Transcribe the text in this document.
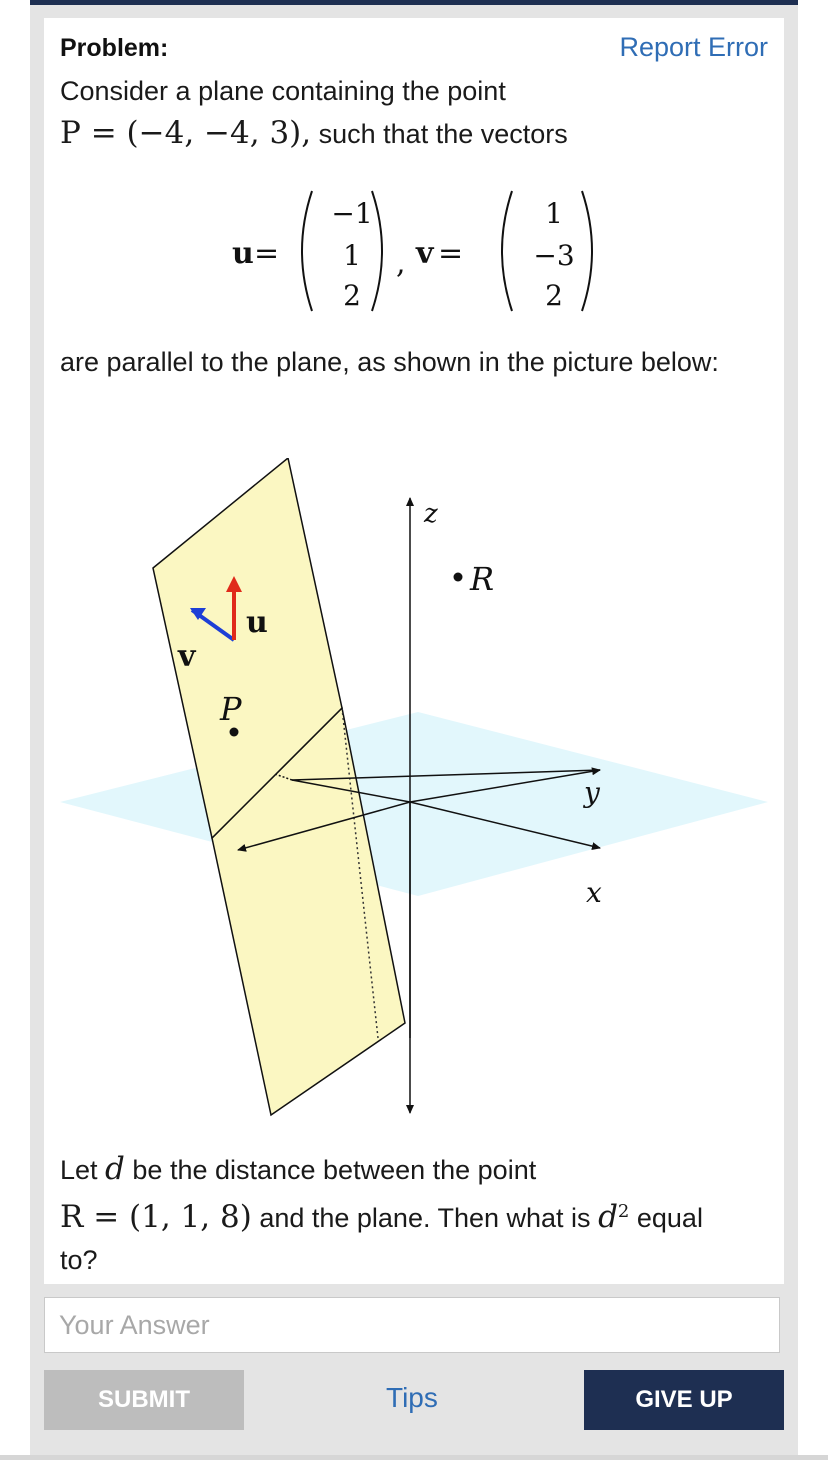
Problem:	Report Error
Consider a plane containing the point
P = (−4, −4, 3), such that the vectors
u =
−1
1
2
, v =
1
−3
2
are parallel to the plane, as shown in the picture below:
z
y
x
R
P
u
v
Let d be the distance between the point
R = (1, 1, 8) and the plane. Then what is $d^2$ equal
to?
Your Answer
SUBMIT	Tips	GIVE UP
